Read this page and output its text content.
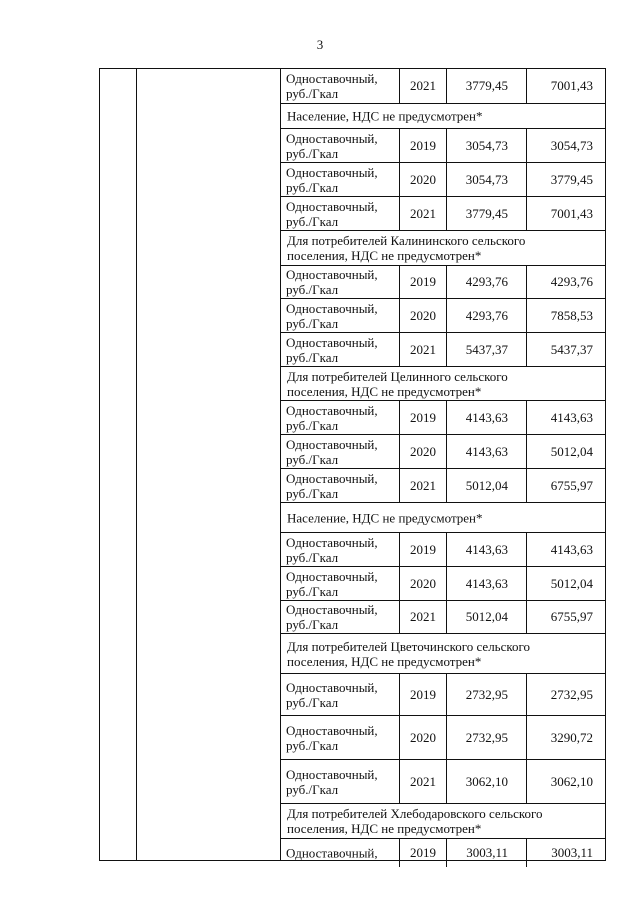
3
Одноставочный,
руб./Гкал
2021	3779,45	7001,43
Население, НДС не предусмотрен*
Одноставочный,
руб./Гкал
2019	3054,73	3054,73
Одноставочный,
руб./Гкал
2020	3054,73	3779,45
Одноставочный,
руб./Гкал
2021	3779,45	7001,43
Для потребителей Калининского сельского
поселения, НДС не предусмотрен*
Одноставочный,
руб./Гкал
2019	4293,76	4293,76
Одноставочный,
руб./Гкал
2020	4293,76	7858,53
Одноставочный,
руб./Гкал
2021	5437,37	5437,37
Для потребителей Целинного сельского
поселения, НДС не предусмотрен*
Одноставочный,
руб./Гкал
2019	4143,63	4143,63
Одноставочный,
руб./Гкал
2020	4143,63	5012,04
Одноставочный,
руб./Гкал
2021	5012,04	6755,97
Население, НДС не предусмотрен*
Одноставочный,
руб./Гкал
2019	4143,63	4143,63
Одноставочный,
руб./Гкал
2020	4143,63	5012,04
Одноставочный,
руб./Гкал
2021	5012,04	6755,97
Для потребителей Цветочинского сельского
поселения, НДС не предусмотрен*
Одноставочный,
руб./Гкал
2019	2732,95	2732,95
Одноставочный,
руб./Гкал
2020	2732,95	3290,72
Одноставочный,
руб./Гкал
2021	3062,10	3062,10
Для потребителей Хлебодаровского сельского
поселения, НДС не предусмотрен*
Одноставочный,	2019	3003,11	3003,11
